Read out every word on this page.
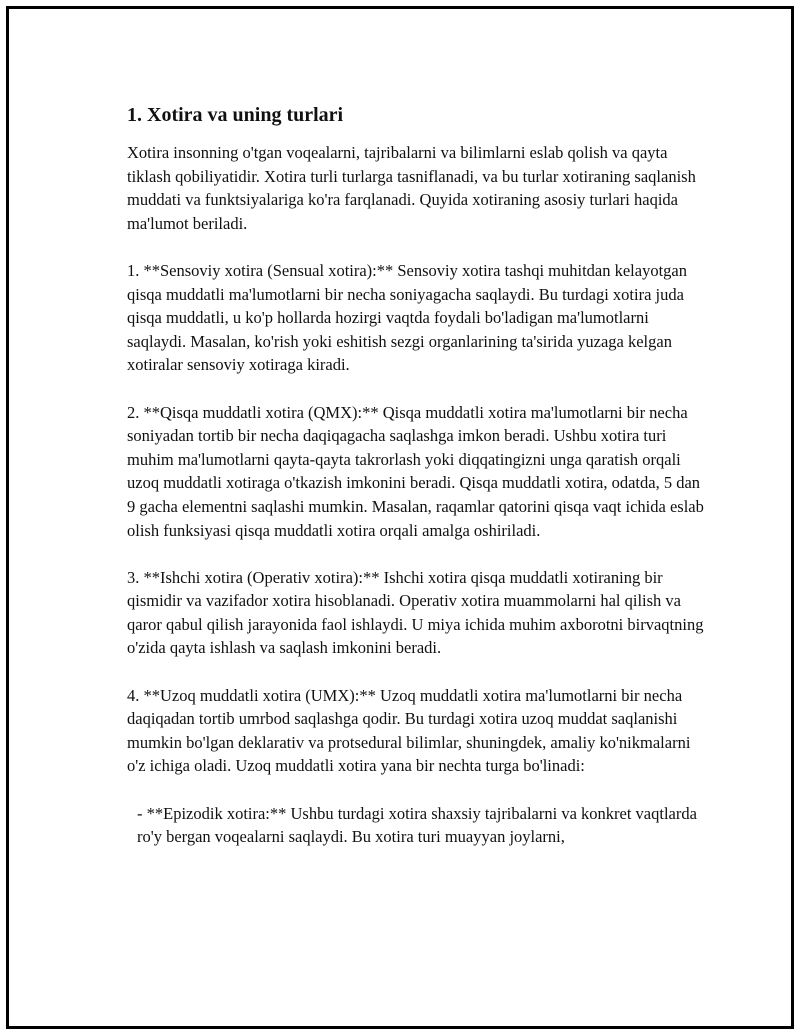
1. Xotira va uning turlari

Xotira insonning o'tgan voqealarni, tajribalarni va bilimlarni eslab qolish va qayta tiklash qobiliyatidir. Xotira turli turlarga tasniflanadi, va bu turlar xotiraning saqlanish muddati va funktsiyalariga ko'ra farqlanadi. Quyida xotiraning asosiy turlari haqida ma'lumot beriladi.

1. **Sensoviy xotira (Sensual xotira):** Sensoviy xotira tashqi muhitdan kelayotgan qisqa muddatli ma'lumotlarni bir necha soniyagacha saqlaydi. Bu turdagi xotira juda qisqa muddatli, u ko'p hollarda hozirgi vaqtda foydali bo'ladigan ma'lumotlarni saqlaydi. Masalan, ko'rish yoki eshitish sezgi organlarining ta'sirida yuzaga kelgan xotiralar sensoviy xotiraga kiradi.

2. **Qisqa muddatli xotira (QMX):** Qisqa muddatli xotira ma'lumotlarni bir necha soniyadan tortib bir necha daqiqagacha saqlashga imkon beradi. Ushbu xotira turi muhim ma'lumotlarni qayta-qayta takrorlash yoki diqqatingizni unga qaratish orqali uzoq muddatli xotiraga o'tkazish imkonini beradi. Qisqa muddatli xotira, odatda, 5 dan 9 gacha elementni saqlashi mumkin. Masalan, raqamlar qatorini qisqa vaqt ichida eslab olish funksiyasi qisqa muddatli xotira orqali amalga oshiriladi.

3. **Ishchi xotira (Operativ xotira):** Ishchi xotira qisqa muddatli xotiraning bir qismidir va vazifador xotira hisoblanadi. Operativ xotira muammolarni hal qilish va qaror qabul qilish jarayonida faol ishlaydi. U miya ichida muhim axborotni birvaqtning o'zida qayta ishlash va saqlash imkonini beradi.

4. **Uzoq muddatli xotira (UMX):** Uzoq muddatli xotira ma'lumotlarni bir necha daqiqadan tortib umrbod saqlashga qodir. Bu turdagi xotira uzoq muddat saqlanishi mumkin bo'lgan deklarativ va protsedural bilimlar, shuningdek, amaliy ko'nikmalarni o'z ichiga oladi. Uzoq muddatli xotira yana bir nechta turga bo'linadi:

- **Epizodik xotira:** Ushbu turdagi xotira shaxsiy tajribalarni va konkret vaqtlarda ro'y bergan voqealarni saqlaydi. Bu xotira turi muayyan joylarni,
